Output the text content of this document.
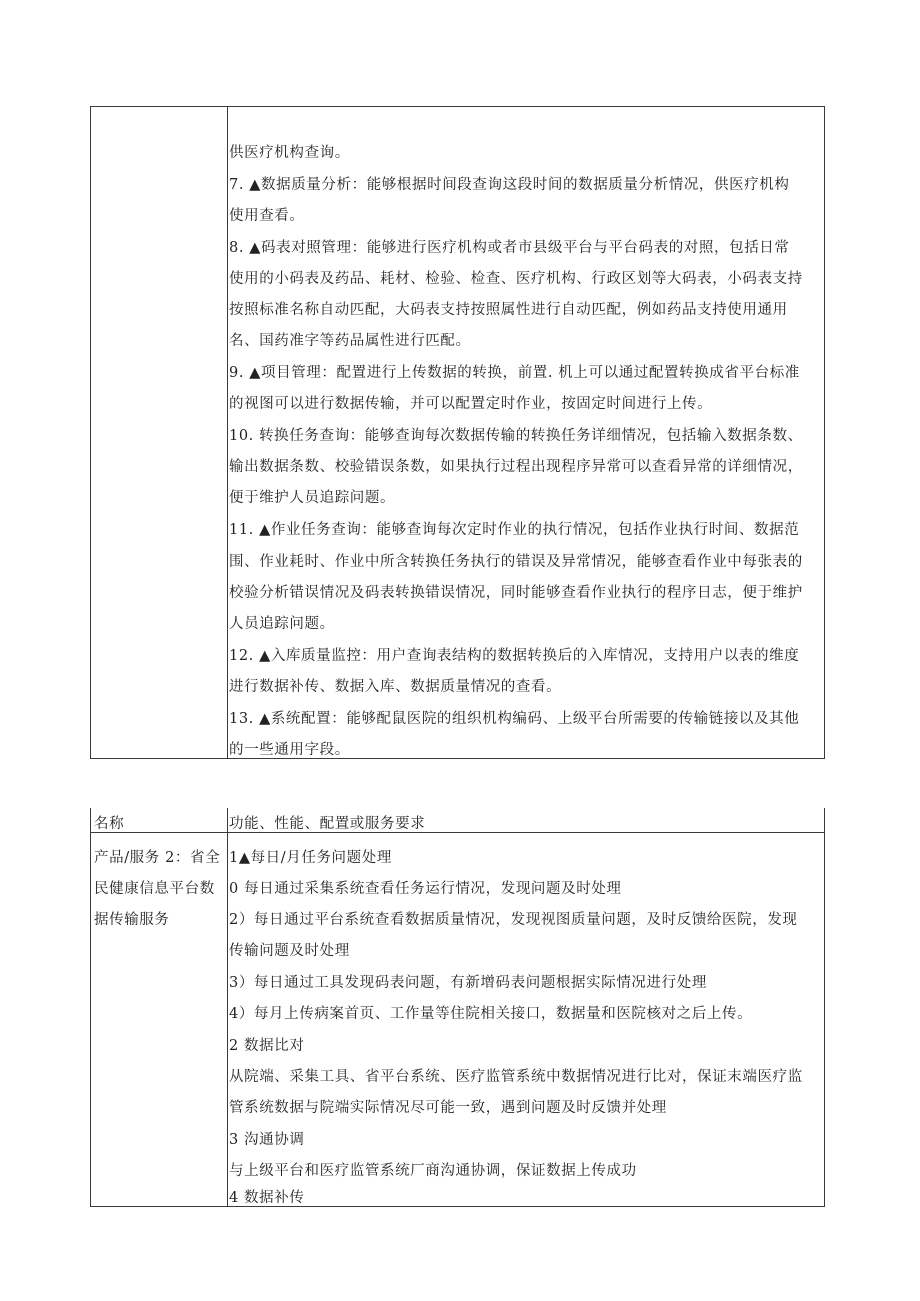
供医疗机构查询。
7. ▲数据质量分析：能够根据时间段查询这段时间的数据质量分析情况，供医疗机构
使用查看。
8. ▲码表对照管理：能够进行医疗机构或者市县级平台与平台码表的对照，包括日常
使用的小码表及药品、耗材、检验、检查、医疗机构、行政区划等大码表，小码表支持
按照标准名称自动匹配，大码表支持按照属性进行自动匹配，例如药品支持使用通用
名、国药准字等药品属性进行匹配。
9. ▲项目管理：配置进行上传数据的转换，前置. 机上可以通过配置转换成省平台标准
的视图可以进行数据传输，并可以配置定时作业，按固定时间进行上传。
10. 转换任务查询：能够查询每次数据传输的转换任务详细情况，包括输入数据条数、
输出数据条数、校验错误条数，如果执行过程出现程序异常可以查看异常的详细情况，
便于维护人员追踪问题。
11. ▲作业任务查询：能够查询每次定时作业的执行情况，包括作业执行时间、数据范
围、作业耗时、作业中所含转换任务执行的错误及异常情况，能够查看作业中每张表的
校验分析错误情况及码表转换错误情况，同时能够查看作业执行的程序日志，便于维护
人员追踪问题。
12. ▲入库质量监控：用户查询表结构的数据转换后的入库情况，支持用户以表的维度
进行数据补传、数据入库、数据质量情况的查看。
13. ▲系统配置：能够配鼠医院的组织机构编码、上级平台所需要的传输链接以及其他
的一些通用字段。
名称
产品/服务 2：省全
民健康信息平台数
据传输服务
功能、性能、配置或服务要求
1▲每日/月任务问题处理
0 每日通过采集系统查看任务运行情况，发现问题及时处理
2）每日通过平台系统查看数据质量情况，发现视图质量问题，及时反馈给医院，发现
传输问题及时处理
3）每日通过工具发现码表问题，有新增码表问题根据实际情况进行处理
4）每月上传病案首页、工作量等住院相关接口，数据量和医院核对之后上传。
2 数据比对
从院端、采集工具、省平台系统、医疗监管系统中数据情况进行比对，保证末端医疗监
管系统数据与院端实际情况尽可能一致，遇到问题及时反馈并处理
3 沟通协调
与上级平台和医疗监管系统厂商沟通协调，保证数据上传成功
4 数据补传
